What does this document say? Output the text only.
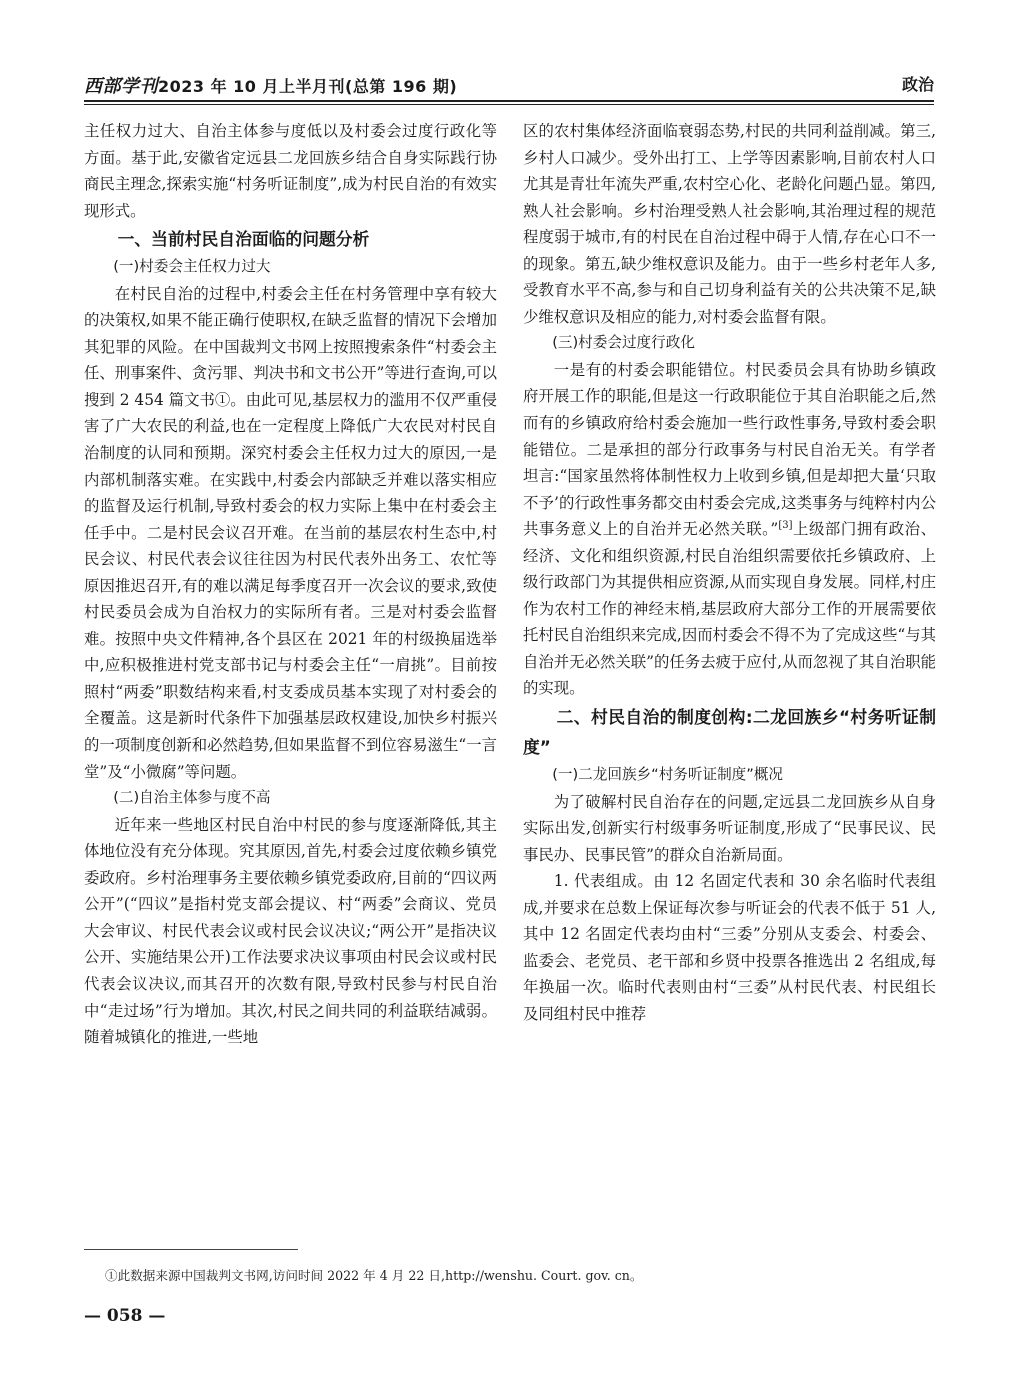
西部学刊2023 年 10 月上半月刊(总第 196 期)	政治

主任权力过大、自治主体参与度低以及村委会过度行政化等方面。基于此,安徽省定远县二龙回族乡结合自身实际践行协商民主理念,探索实施“村务听证制度”,成为村民自治的有效实现形式。

一、当前村民自治面临的问题分析
(一)村委会主任权力过大

在村民自治的过程中,村委会主任在村务管理中享有较大的决策权,如果不能正确行使职权,在缺乏监督的情况下会增加其犯罪的风险。在中国裁判文书网上按照搜索条件“村委会主任、刑事案件、贪污罪、判决书和文书公开”等进行查询,可以搜到 2 454 篇文书①。由此可见,基层权力的滥用不仅严重侵害了广大农民的利益,也在一定程度上降低广大农民对村民自治制度的认同和预期。深究村委会主任权力过大的原因,一是内部机制落实难。在实践中,村委会内部缺乏并难以落实相应的监督及运行机制,导致村委会的权力实际上集中在村委会主任手中。二是村民会议召开难。在当前的基层农村生态中,村民会议、村民代表会议往往因为村民代表外出务工、农忙等原因推迟召开,有的难以满足每季度召开一次会议的要求,致使村民委员会成为自治权力的实际所有者。三是对村委会监督难。按照中央文件精神,各个县区在 2021 年的村级换届选举中,应积极推进村党支部书记与村委会主任“一肩挑”。目前按照村“两委”职数结构来看,村支委成员基本实现了对村委会的全覆盖。这是新时代条件下加强基层政权建设,加快乡村振兴的一项制度创新和必然趋势,但如果监督不到位容易滋生“一言堂”及“小微腐”等问题。

(二)自治主体参与度不高

近年来一些地区村民自治中村民的参与度逐渐降低,其主体地位没有充分体现。究其原因,首先,村委会过度依赖乡镇党委政府。乡村治理事务主要依赖乡镇党委政府,目前的“四议两公开”(“四议”是指村党支部会提议、村“两委”会商议、党员大会审议、村民代表会议或村民会议决议;“两公开”是指决议公开、实施结果公开)工作法要求决议事项由村民会议或村民代表会议决议,而其召开的次数有限,导致村民参与村民自治中“走过场”行为增加。其次,村民之间共同的利益联结减弱。随着城镇化的推进,一些地

区的农村集体经济面临衰弱态势,村民的共同利益削减。第三,乡村人口减少。受外出打工、上学等因素影响,目前农村人口尤其是青壮年流失严重,农村空心化、老龄化问题凸显。第四,熟人社会影响。乡村治理受熟人社会影响,其治理过程的规范程度弱于城市,有的村民在自治过程中碍于人情,存在心口不一的现象。第五,缺少维权意识及能力。由于一些乡村老年人多,受教育水平不高,参与和自己切身利益有关的公共决策不足,缺少维权意识及相应的能力,对村委会监督有限。

(三)村委会过度行政化

一是有的村委会职能错位。村民委员会具有协助乡镇政府开展工作的职能,但是这一行政职能位于其自治职能之后,然而有的乡镇政府给村委会施加一些行政性事务,导致村委会职能错位。二是承担的部分行政事务与村民自治无关。有学者坦言:“国家虽然将体制性权力上收到乡镇,但是却把大量‘只取不予’的行政性事务都交由村委会完成,这类事务与纯粹村内公共事务意义上的自治并无必然关联。”[3]上级部门拥有政治、经济、文化和组织资源,村民自治组织需要依托乡镇政府、上级行政部门为其提供相应资源,从而实现自身发展。同样,村庄作为农村工作的神经末梢,基层政府大部分工作的开展需要依托村民自治组织来完成,因而村委会不得不为了完成这些“与其自治并无必然关联”的任务去疲于应付,从而忽视了其自治职能的实现。

二、村民自治的制度创构:二龙回族乡“村务听证制度”
(一)二龙回族乡“村务听证制度”概况

为了破解村民自治存在的问题,定远县二龙回族乡从自身实际出发,创新实行村级事务听证制度,形成了“民事民议、民事民办、民事民管”的群众自治新局面。

1. 代表组成。由 12 名固定代表和 30 余名临时代表组成,并要求在总数上保证每次参与听证会的代表不低于 51 人,其中 12 名固定代表均由村“三委”分别从支委会、村委会、监委会、老党员、老干部和乡贤中投票各推选出 2 名组成,每年换届一次。临时代表则由村“三委”从村民代表、村民组长及同组村民中推荐

①此数据来源中国裁判文书网,访问时间 2022 年 4 月 22 日,http://wenshu. Court. gov. cn。
— 058 —
